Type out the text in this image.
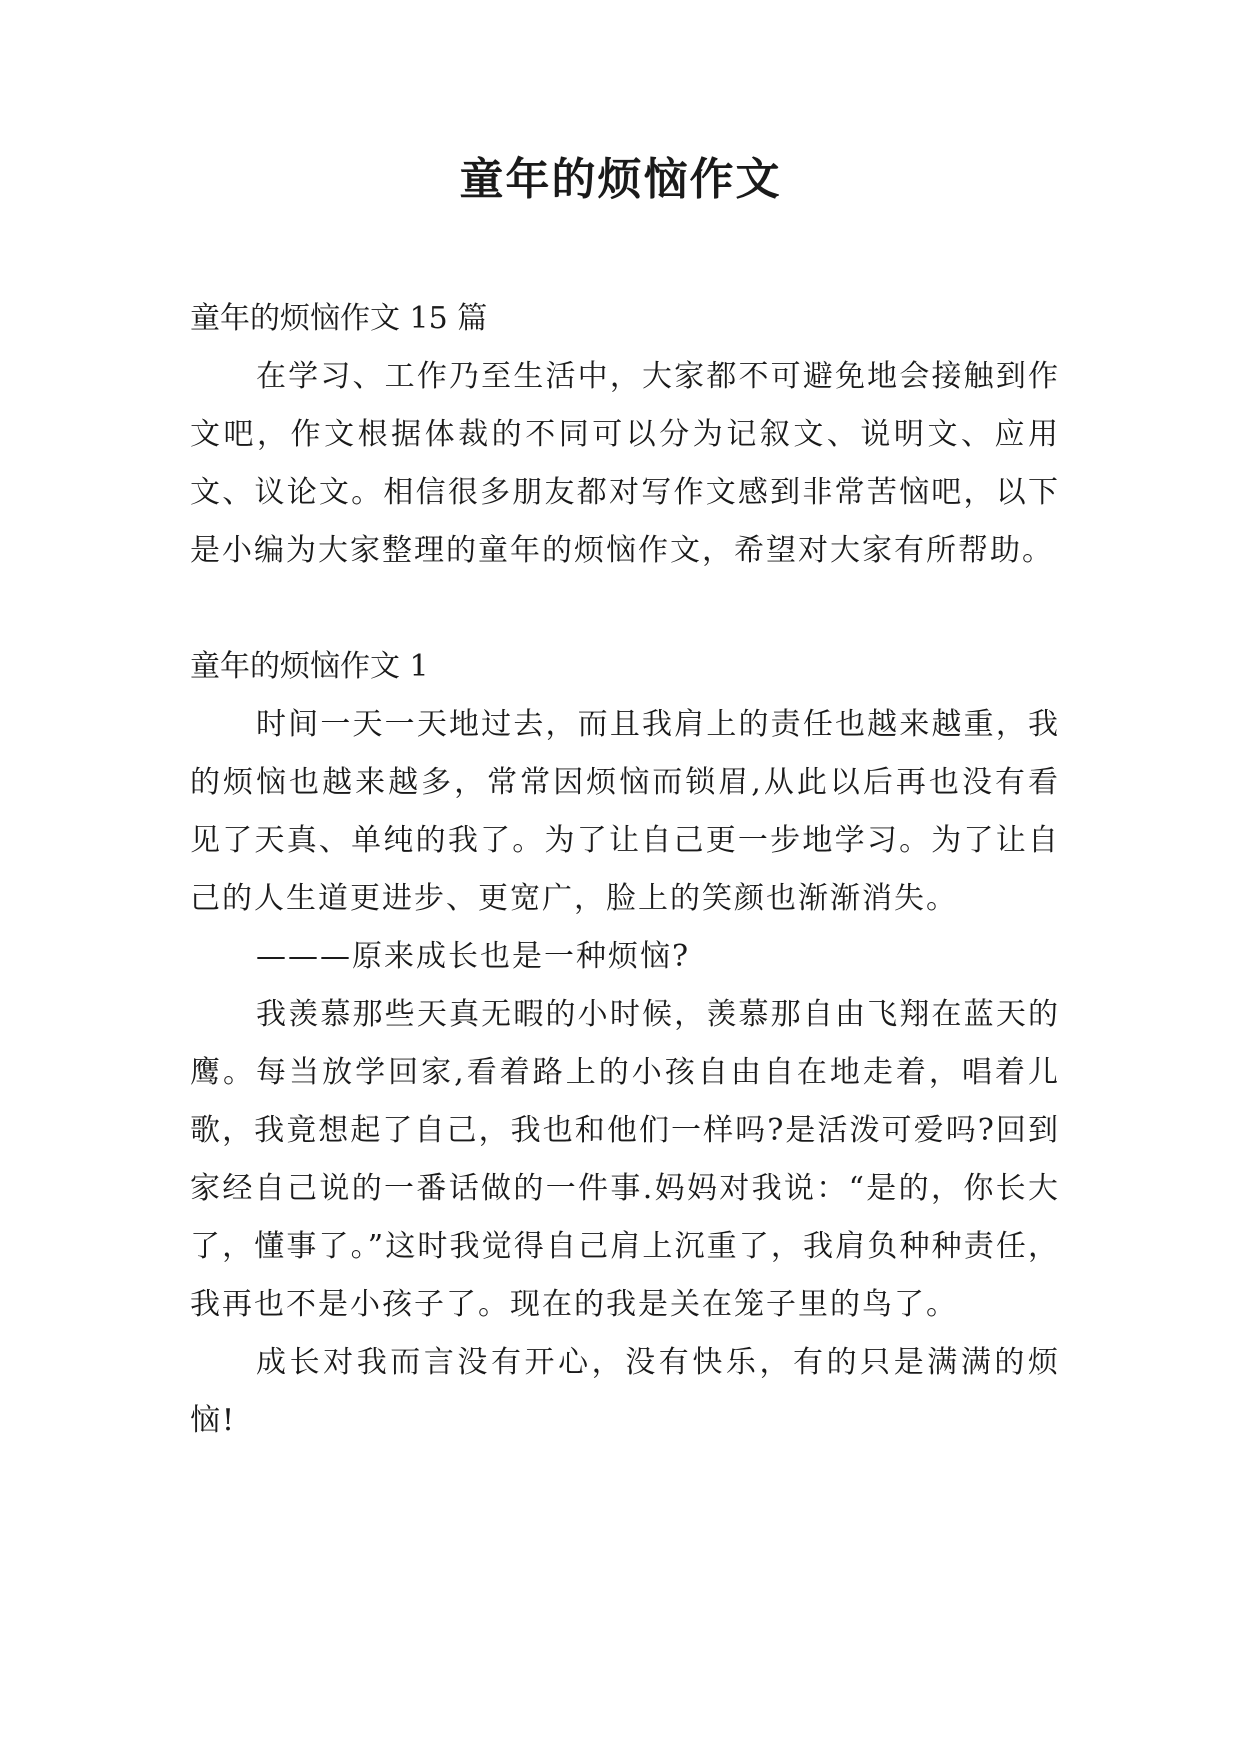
童年的烦恼作文

童年的烦恼作文 15 篇

在学习、工作乃至生活中，大家都不可避免地会接触到作文吧，作文根据体裁的不同可以分为记叙文、说明文、应用文、议论文。相信很多朋友都对写作文感到非常苦恼吧，以下是小编为大家整理的童年的烦恼作文，希望对大家有所帮助。

童年的烦恼作文 1

时间一天一天地过去，而且我肩上的责任也越来越重，我的烦恼也越来越多，常常因烦恼而锁眉,从此以后再也没有看见了天真、单纯的我了。为了让自己更一步地学习。为了让自己的人生道更进步、更宽广，脸上的笑颜也渐渐消失。

———原来成长也是一种烦恼?

我羡慕那些天真无暇的小时候，羡慕那自由飞翔在蓝天的鹰。每当放学回家,看着路上的小孩自由自在地走着，唱着儿歌，我竟想起了自己，我也和他们一样吗?是活泼可爱吗?回到家经自己说的一番话做的一件事.妈妈对我说：“是的，你长大了，懂事了。”这时我觉得自己肩上沉重了，我肩负种种责任，我再也不是小孩子了。现在的我是关在笼子里的鸟了。

成长对我而言没有开心，没有快乐，有的只是满满的烦恼!
